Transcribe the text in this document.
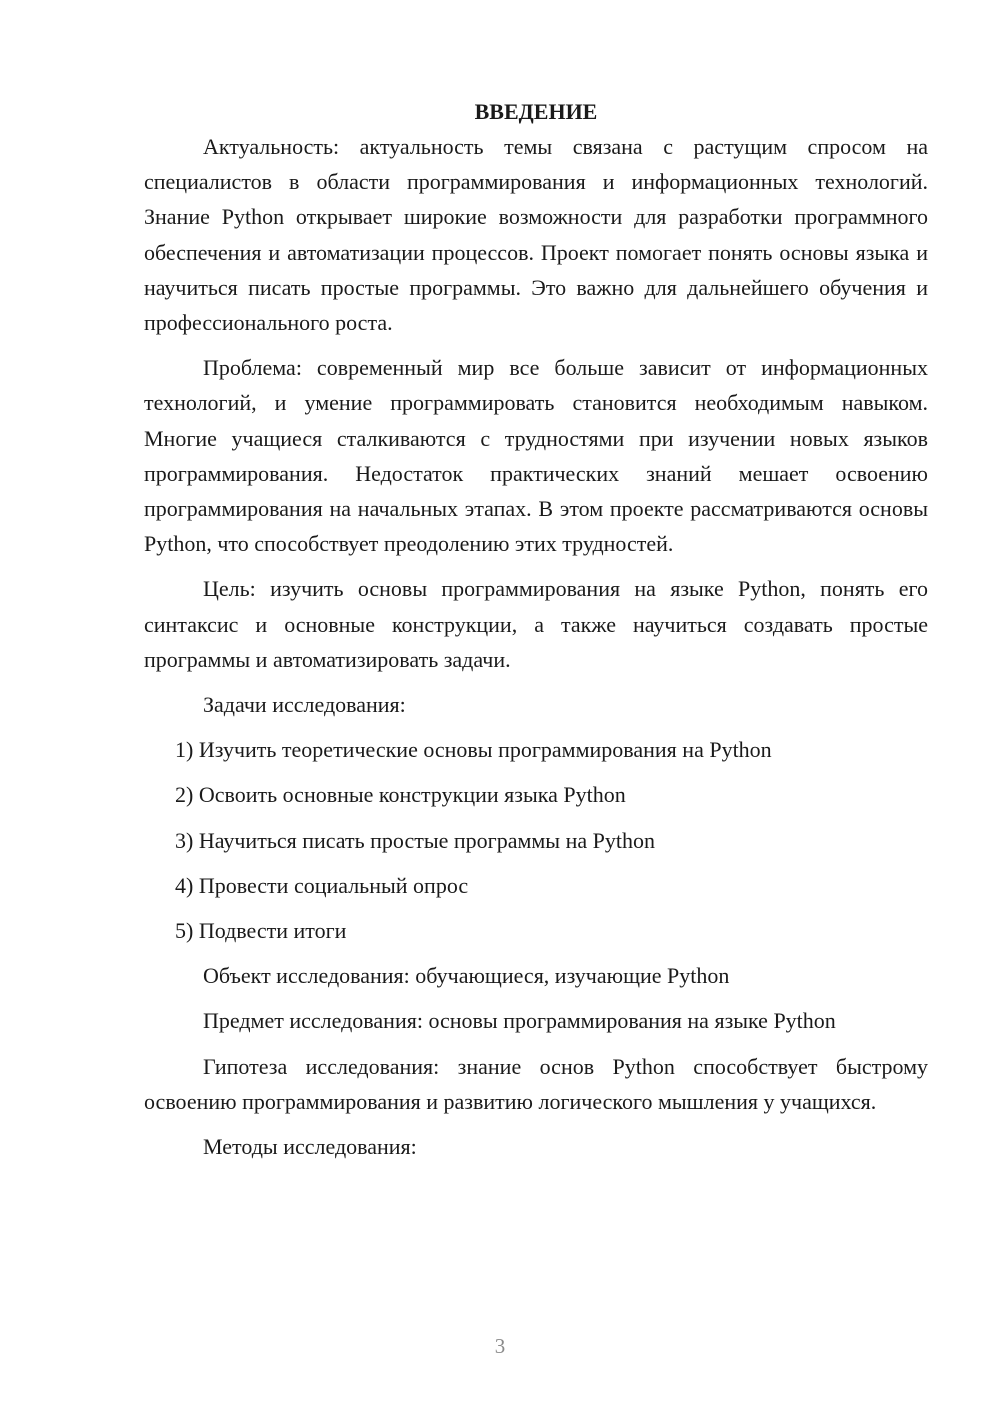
ВВЕДЕНИЕ

Актуальность: актуальность темы связана с растущим спросом на специалистов в области программирования и информационных технологий. Знание Python открывает широкие возможности для разработки программного обеспечения и автоматизации процессов. Проект помогает понять основы языка и научиться писать простые программы. Это важно для дальнейшего обучения и профессионального роста.

Проблема: современный мир все больше зависит от информационных технологий, и умение программировать становится необходимым навыком. Многие учащиеся сталкиваются с трудностями при изучении новых языков программирования. Недостаток практических знаний мешает освоению программирования на начальных этапах. В этом проекте рассматриваются основы Python, что способствует преодолению этих трудностей.

Цель: изучить основы программирования на языке Python, понять его синтаксис и основные конструкции, а также научиться создавать простые программы и автоматизировать задачи.

Задачи исследования:

1) Изучить теоретические основы программирования на Python

2) Освоить основные конструкции языка Python

3) Научиться писать простые программы на Python

4) Провести социальный опрос

5) Подвести итоги

Объект исследования: обучающиеся, изучающие Python

Предмет исследования: основы программирования на языке Python

Гипотеза исследования: знание основ Python способствует быстрому освоению программирования и развитию логического мышления у учащихся.

Методы исследования:

3
